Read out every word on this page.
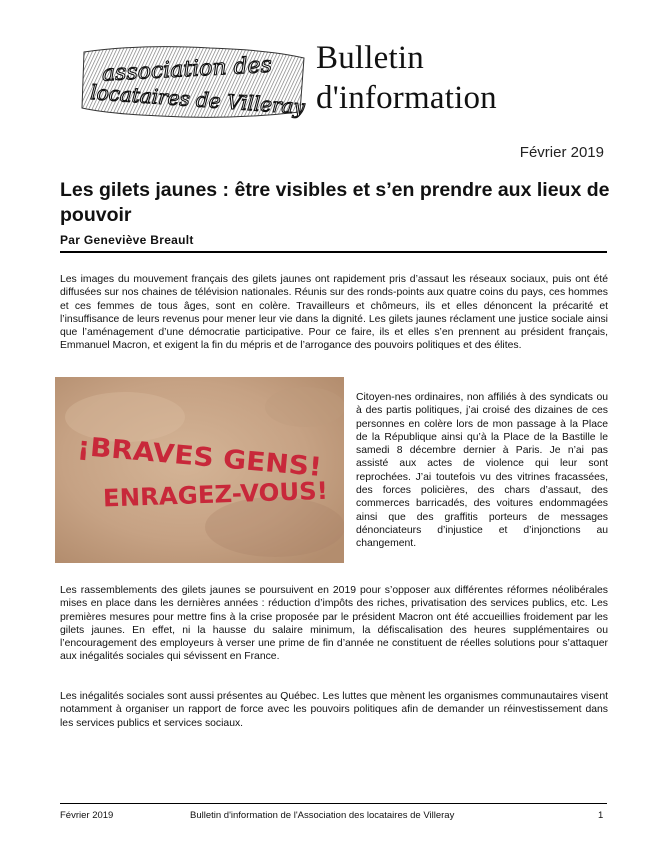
association des
locataires de Villeray
Bulletin
d'information
Février 2019
Les gilets jaunes : être visibles et s’en prendre aux lieux de pouvoir
Par Geneviève Breault

Les images du mouvement français des gilets jaunes ont rapidement pris d’assaut les réseaux sociaux, puis ont été diffusées sur nos chaines de télévision nationales. Réunis sur des ronds-points aux quatre coins du pays, ces hommes et ces femmes de tous âges, sont en colère. Travailleurs et chômeurs, ils et elles dénoncent la précarité et l’insuffisance de leurs revenus pour mener leur vie dans la dignité. Les gilets jaunes réclament une justice sociale ainsi que l’aménagement d’une démocratie participative. Pour ce faire, ils et elles s’en prennent au président français, Emmanuel Macron, et exigent la fin du mépris et de l’arrogance des pouvoirs politiques et des élites.

¡BRAVES GENS!
ENRAGEZ-VOUS!

Citoyen-nes ordinaires, non affiliés à des syndicats ou à des partis politiques, j’ai croisé des dizaines de ces personnes en colère lors de mon passage à la Place de la République ainsi qu’à la Place de la Bastille le samedi 8 décembre dernier à Paris. Je n’ai pas assisté aux actes de violence qui leur sont reprochées. J’ai toutefois vu des vitrines fracassées, des forces policières, des chars d’assaut, des commerces barricadés, des voitures endommagées ainsi que des graffitis porteurs de messages dénonciateurs d’injustice et d’injonctions au changement.

Les rassemblements des gilets jaunes se poursuivent en 2019 pour s’opposer aux différentes réformes néolibérales mises en place dans les dernières années : réduction d’impôts des riches, privatisation des services publics, etc. Les premières mesures pour mettre fins à la crise proposée par le président Macron ont été accueillies froidement par les gilets jaunes. En effet, ni la hausse du salaire minimum, la défiscalisation des heures supplémentaires ou l’encouragement des employeurs à verser une prime de fin d’année ne constituent de réelles solutions pour s’attaquer aux inégalités sociales qui sévissent en France.

Les inégalités sociales sont aussi présentes au Québec. Les luttes que mènent les organismes communautaires visent notamment à organiser un rapport de force avec les pouvoirs politiques afin de demander un réinvestissement dans les services publics et services sociaux.

Février 2019	Bulletin d'information de l'Association des locataires de Villeray	1
